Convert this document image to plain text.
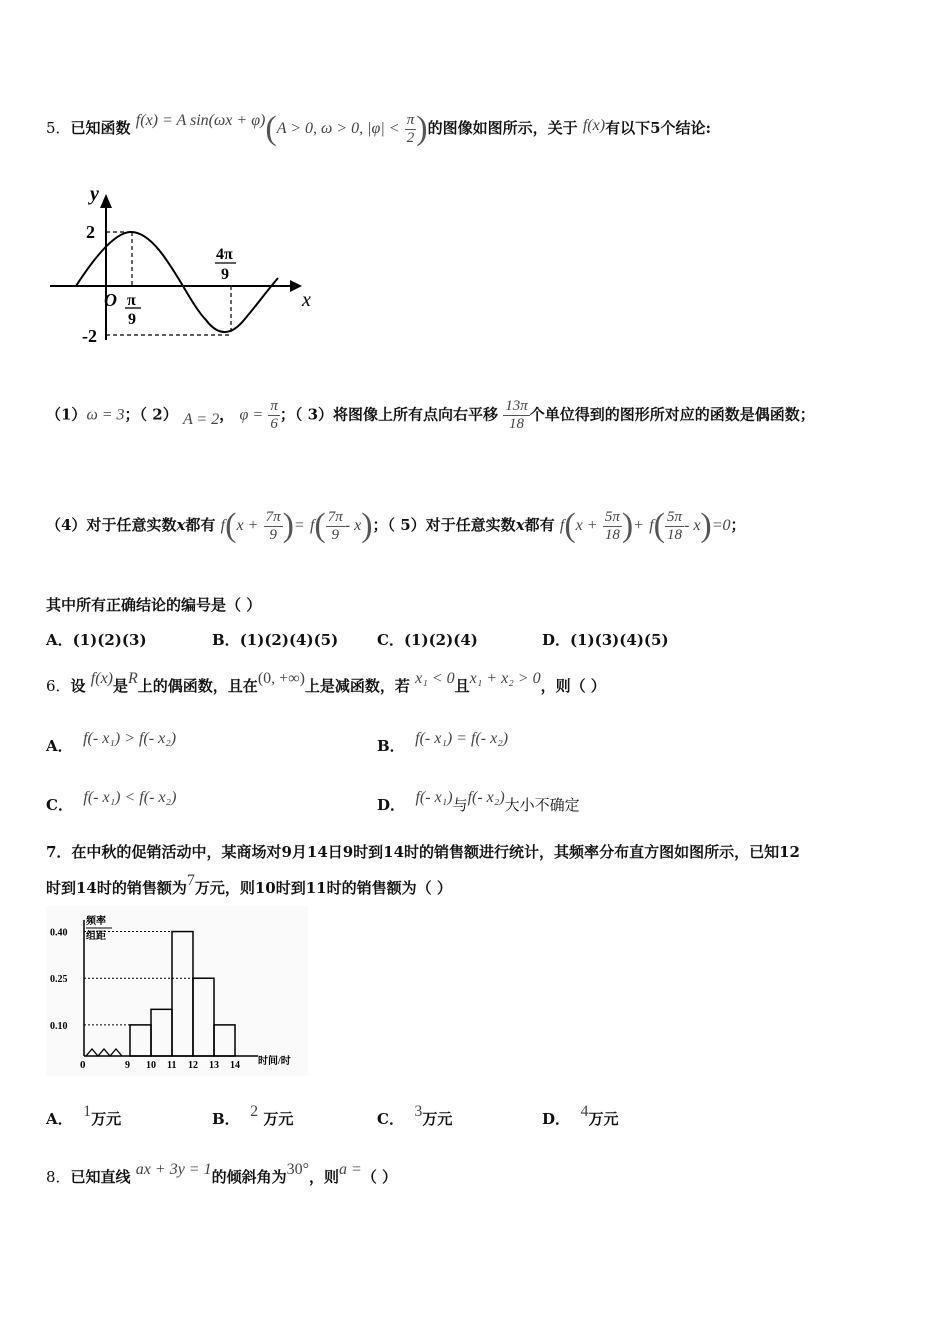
5．已知函数 f(x) = A sin(ωx + φ)(A > 0, ω > 0, $|\varphi| < \frac{\pi}{2}$ )的图像如图所示，关于 f(x)有以下5个结论:
y
x
O
2
-2
π
9
4π
9
（1）ω = 3；（ 2） A = 2， $\varphi = \frac{\pi}{6}$ ；（ 3）将图像上所有点向右平移 $\frac{13\pi}{18}$ 个单位得到的图形所对应的函数是偶函数；
（4）对于任意实数x都有 $f(x + \frac{7\pi}{9}$ )= $f( \frac{7\pi}{9} - x)$；（ 5）对于任意实数x都有 $f(x + \frac{5\pi}{18}$ )+ $f( \frac{5\pi}{18} - x)=0$；
其中所有正确结论的编号是（ ）
A．(1)(2)(3)	B．(1)(2)(4)(5)	C．(1)(2)(4)	D．(1)(3)(4)(5)
6．设 f(x)是R上的偶函数，且在(0, +∞)上是减函数，若 x₁ < 0且x₁ + x₂ > 0，则（ ）
A． f(- x₁) > f(- x₂)	B． f(- x₁) = f(- x₂)
C． f(- x₁) < f(- x₂)	D． f(- x₁)与f(- x₂)大小不确定
7．在中秋的促销活动中，某商场对9月14日9时到14时的销售额进行统计，其频率分布直方图如图所示，已知12
时到14时的销售额为7万元，则10时到11时的销售额为（ ）
频率
组距
时间/时
0
0.40
0.25
0.10
9 10 11 12 13 14
A． 1万元	B． 2 万元	C． 3万元	D． 4万元
8．已知直线 ax + 3y = 1的倾斜角为30°，则a =（ ）
